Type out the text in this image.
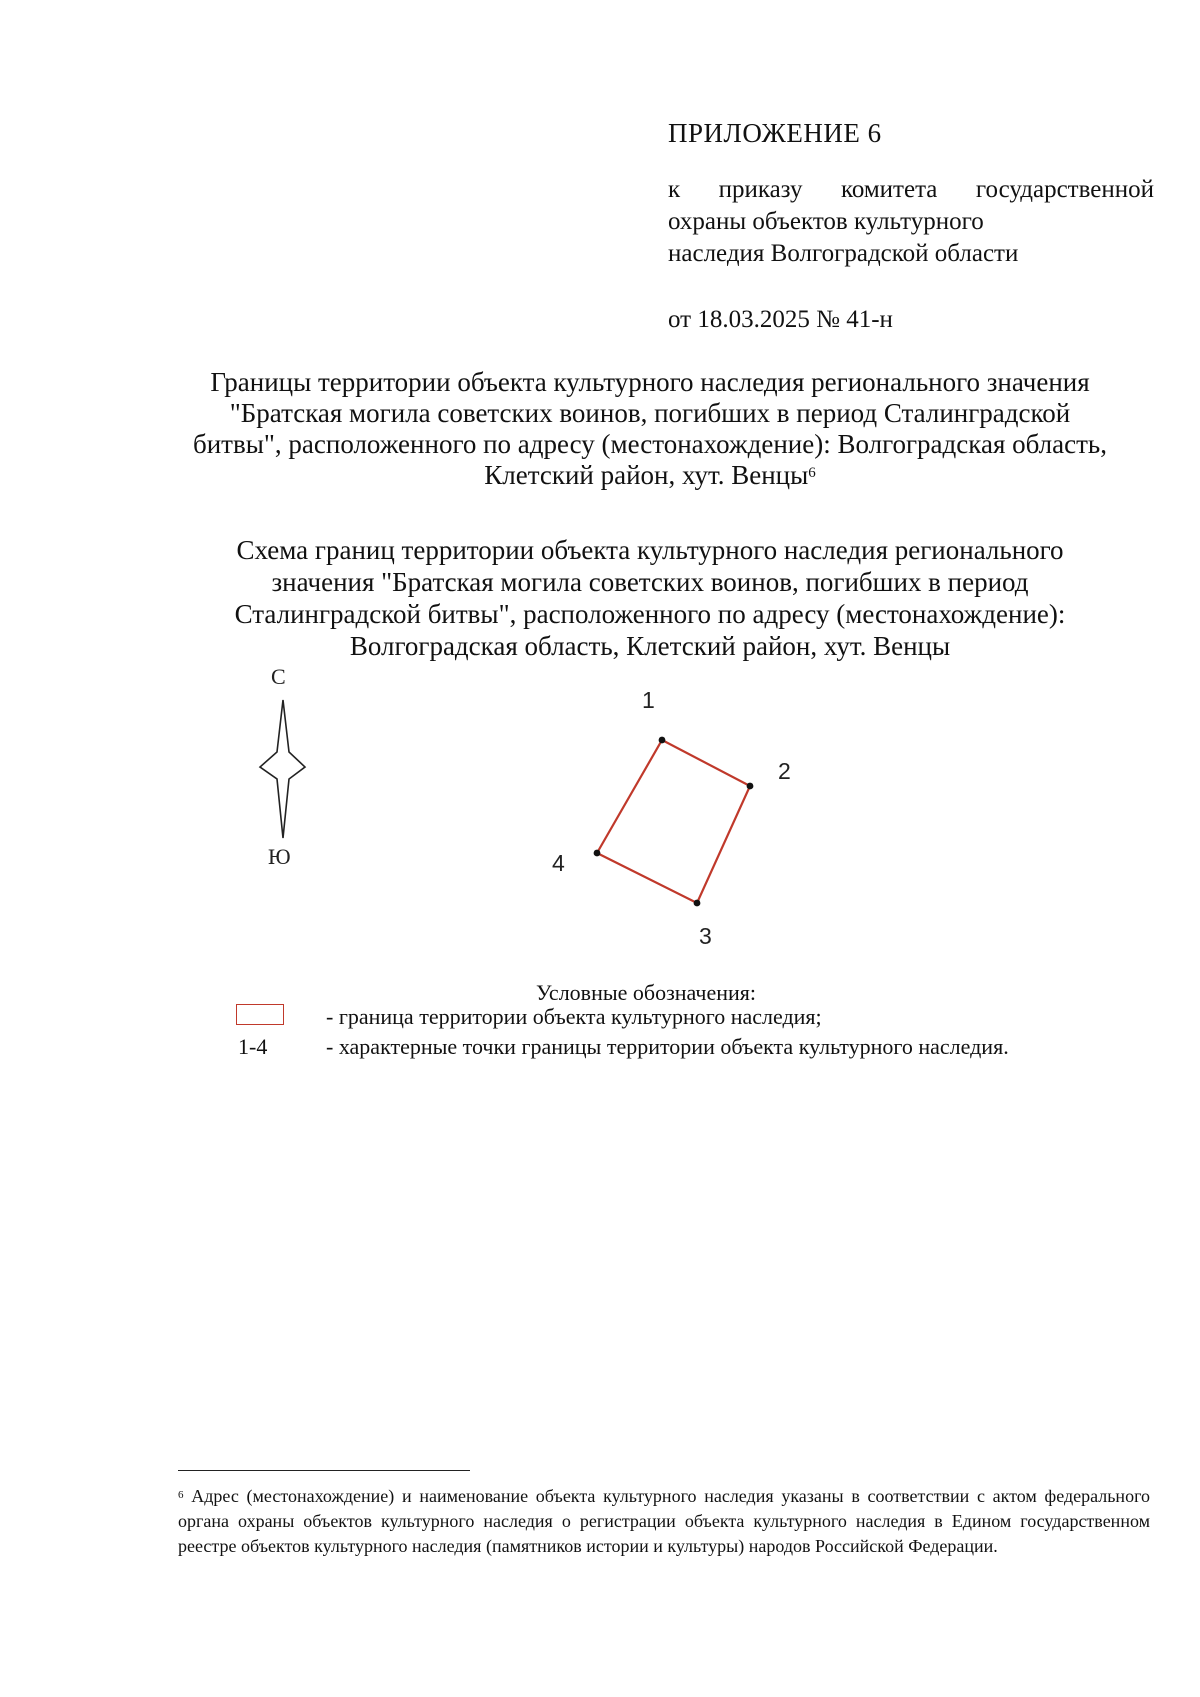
ПРИЛОЖЕНИЕ 6
к приказу комитета государственной
охраны объектов культурного
наследия Волгоградской области
от 18.03.2025 № 41-н
Границы территории объекта культурного наследия регионального значения
"Братская могила советских воинов, погибших в период Сталинградской
битвы", расположенного по адресу (местонахождение): Волгоградская область,
Клетский район, хут. Венцы$^6$
Схема границ территории объекта культурного наследия регионального
значения "Братская могила советских воинов, погибших в период
Сталинградской битвы", расположенного по адресу (местонахождение):
Волгоградская область, Клетский район, хут. Венцы
С
Ю
1
2
3
4
Условные обозначения:
- граница территории объекта культурного наследия;
1-4	- характерные точки границы территории объекта культурного наследия.
$^6$ Адрес (местонахождение) и наименование объекта культурного наследия указаны в соответствии с актом федерального органа охраны объектов культурного наследия о регистрации объекта культурного наследия в Едином государственном реестре объектов культурного наследия (памятников истории и культуры) народов Российской Федерации.
